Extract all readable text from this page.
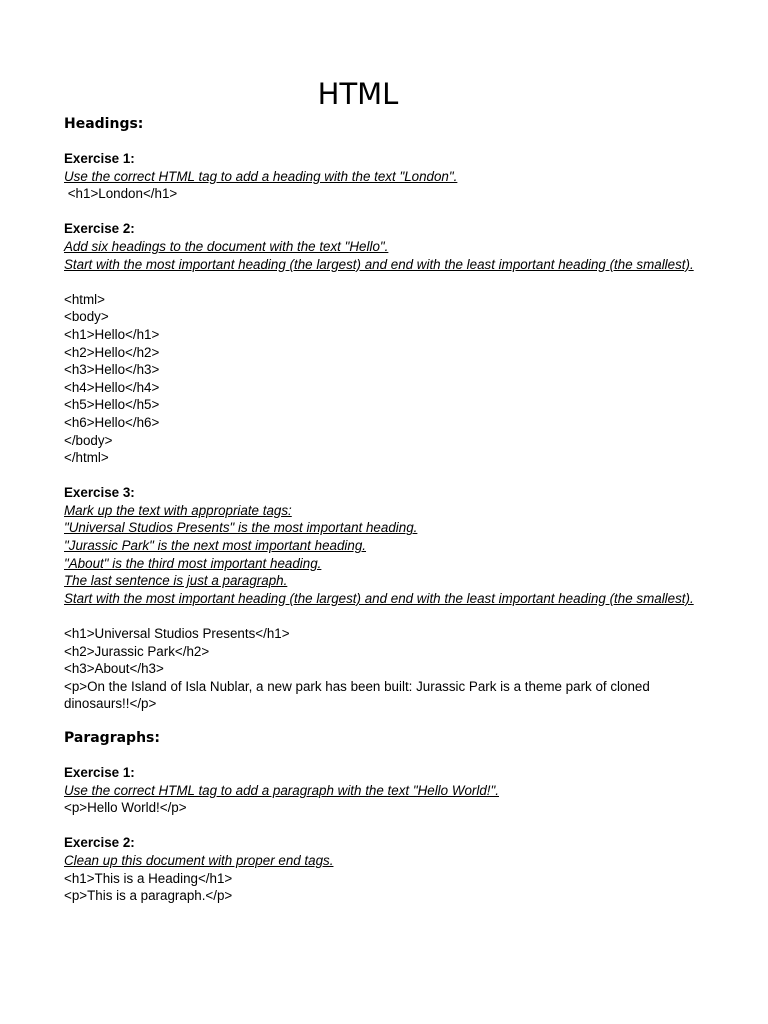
HTML
Headings:

Exercise 1:

Use the correct HTML tag to add a heading with the text "London".

<h1>London</h1>

Exercise 2:

Add six headings to the document with the text "Hello".

Start with the most important heading (the largest) and end with the least important heading (the smallest).

<html>

<body>

<h1>Hello</h1>

<h2>Hello</h2>

<h3>Hello</h3>

<h4>Hello</h4>

<h5>Hello</h5>

<h6>Hello</h6>

</body>

</html>

Exercise 3:

Mark up the text with appropriate tags:

"Universal Studios Presents" is the most important heading.

"Jurassic Park" is the next most important heading.

"About" is the third most important heading.

The last sentence is just a paragraph.

Start with the most important heading (the largest) and end with the least important heading (the smallest).

<h1>Universal Studios Presents</h1>

<h2>Jurassic Park</h2>

<h3>About</h3>

<p>On the Island of Isla Nublar, a new park has been built: Jurassic Park is a theme park of cloned dinosaurs!!</p>

Paragraphs:

Exercise 1:

Use the correct HTML tag to add a paragraph with the text "Hello World!".

<p>Hello World!</p>

Exercise 2:

Clean up this document with proper end tags.

<h1>This is a Heading</h1>

<p>This is a paragraph.</p>
